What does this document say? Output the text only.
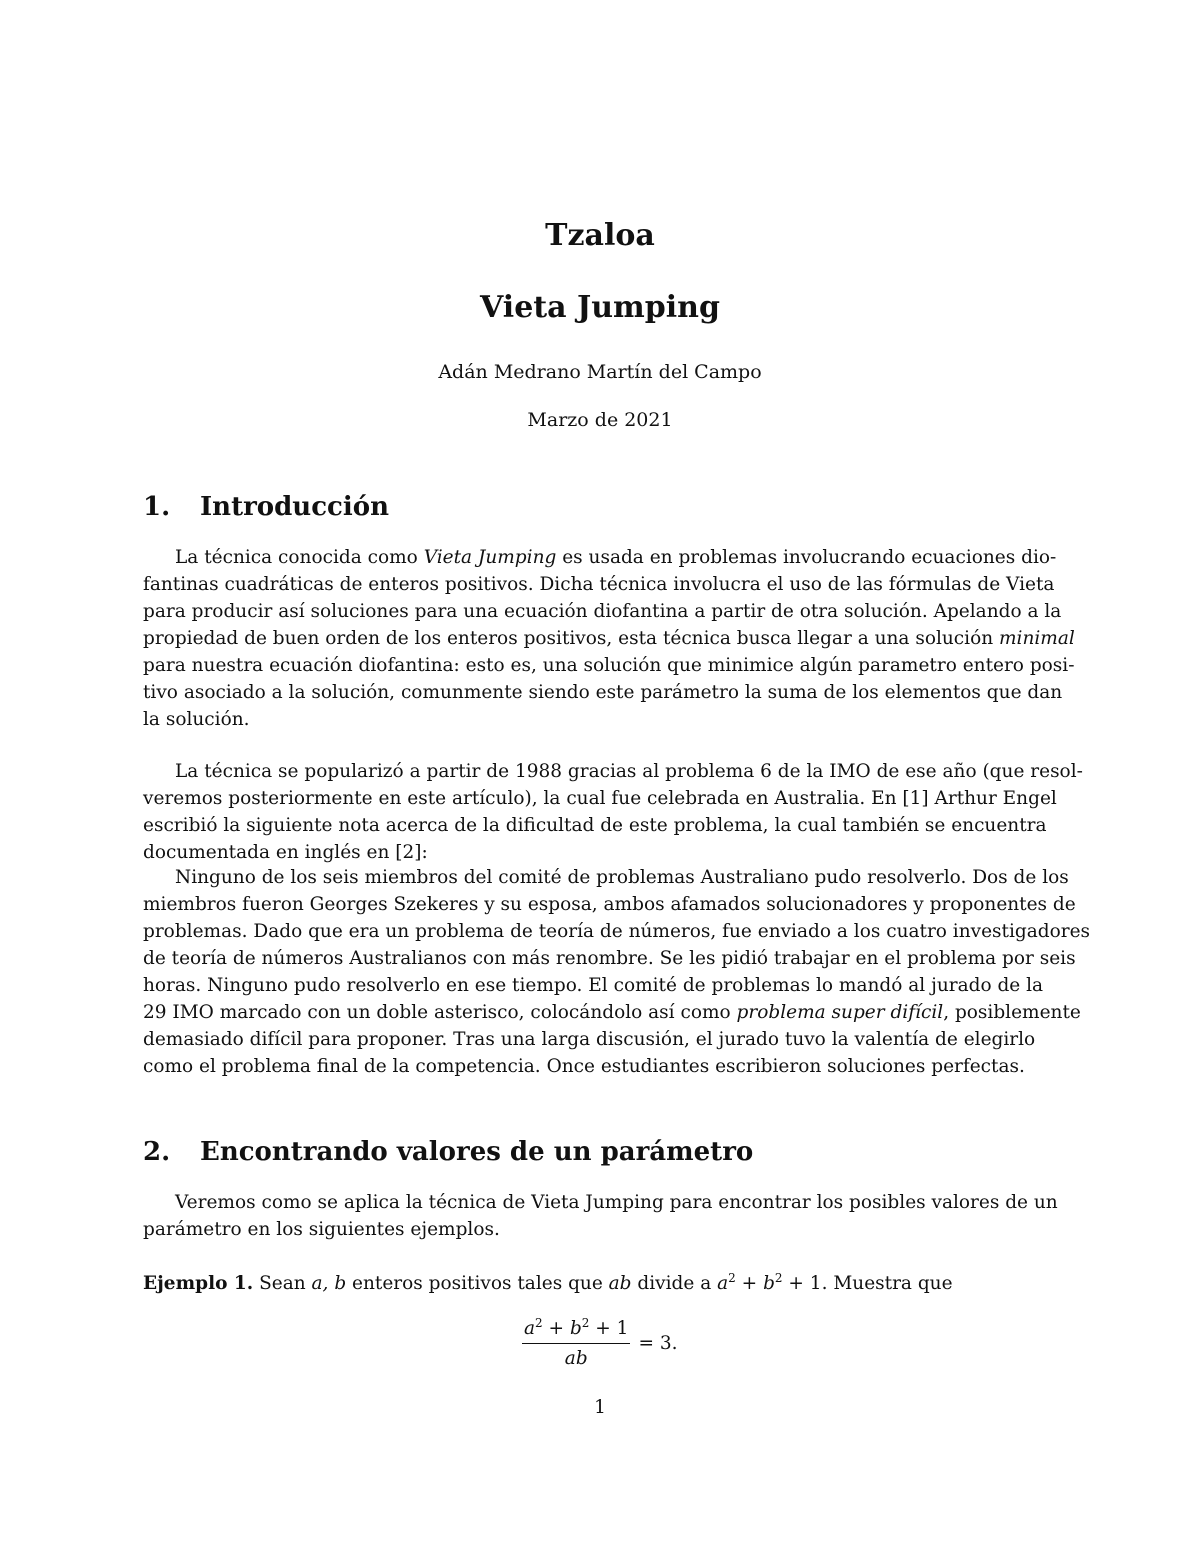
Tzaloa
Vieta Jumping

Adán Medrano Martín del Campo

Marzo de 2021

1. Introducción
La técnica conocida como Vieta Jumping es usada en problemas involucrando ecuaciones dio-
fantinas cuadráticas de enteros positivos. Dicha técnica involucra el uso de las fórmulas de Vieta
para producir así soluciones para una ecuación diofantina a partir de otra solución. Apelando a la
propiedad de buen orden de los enteros positivos, esta técnica busca llegar a una solución minimal
para nuestra ecuación diofantina: esto es, una solución que minimice algún parametro entero posi-
tivo asociado a la solución, comunmente siendo este parámetro la suma de los elementos que dan
la solución.
La técnica se popularizó a partir de 1988 gracias al problema 6 de la IMO de ese año (que resol-
veremos posteriormente en este artículo), la cual fue celebrada en Australia. En [1] Arthur Engel
escribió la siguiente nota acerca de la dificultad de este problema, la cual también se encuentra
documentada en inglés en [2]:
Ninguno de los seis miembros del comité de problemas Australiano pudo resolverlo. Dos de los
miembros fueron Georges Szekeres y su esposa, ambos afamados solucionadores y proponentes de
problemas. Dado que era un problema de teoría de números, fue enviado a los cuatro investigadores
de teoría de números Australianos con más renombre. Se les pidió trabajar en el problema por seis
horas. Ninguno pudo resolverlo en ese tiempo. El comité de problemas lo mandó al jurado de la
29 IMO marcado con un doble asterisco, colocándolo así como problema super difícil, posiblemente
demasiado difícil para proponer. Tras una larga discusión, el jurado tuvo la valentía de elegirlo
como el problema final de la competencia. Once estudiantes escribieron soluciones perfectas.
2. Encontrando valores de un parámetro
Veremos como se aplica la técnica de Vieta Jumping para encontrar los posibles valores de un
parámetro en los siguientes ejemplos.
Ejemplo 1. Sean a, b enteros positivos tales que ab divide a $a^2 + b^2 + 1$. Muestra que
$\frac{a^2 + b^2 + 1}{ab} = 3$.

1
